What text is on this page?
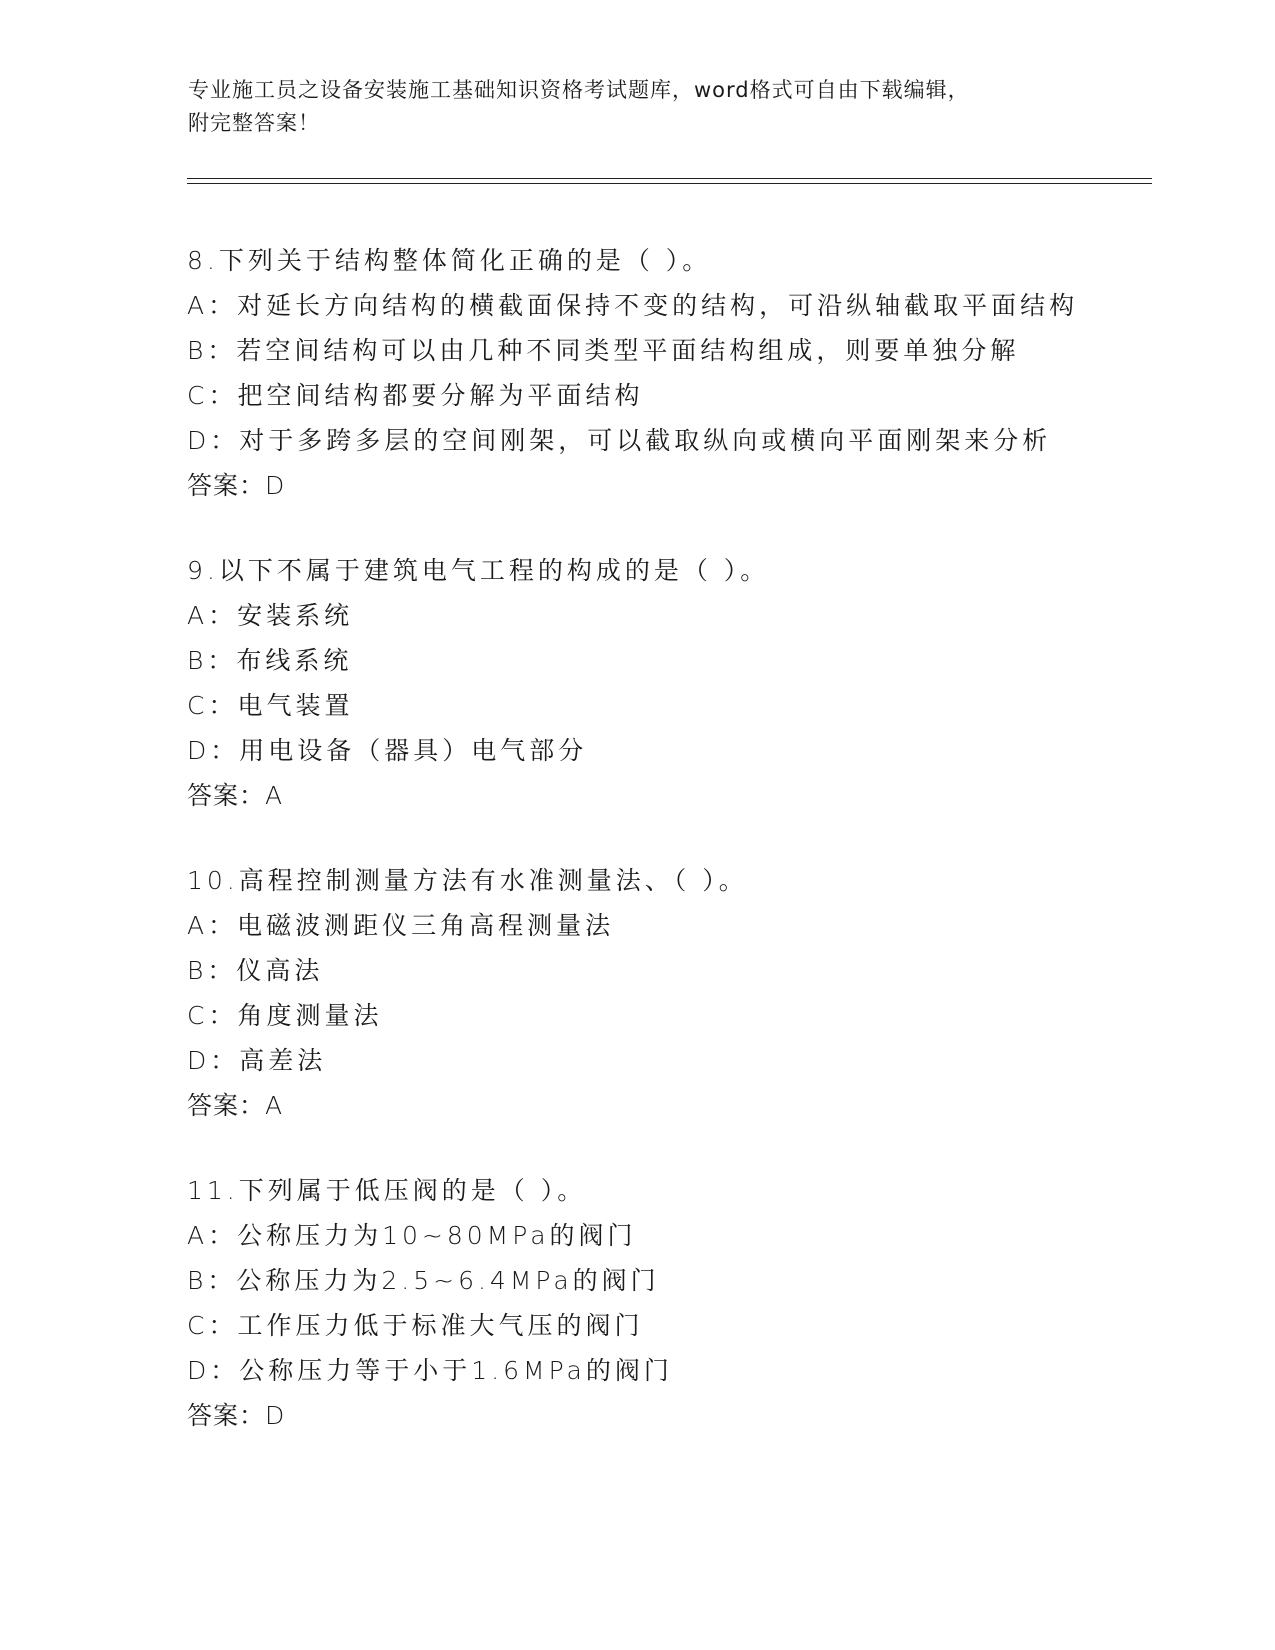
专业施工员之设备安装施工基础知识资格考试题库，word格式可自由下载编辑，
附完整答案！
8.下列关于结构整体简化正确的是（ ）。
A：对延长方向结构的横截面保持不变的结构，可沿纵轴截取平面结构
B：若空间结构可以由几种不同类型平面结构组成，则要单独分解
C：把空间结构都要分解为平面结构
D：对于多跨多层的空间刚架，可以截取纵向或横向平面刚架来分析
答案：D
9.以下不属于建筑电气工程的构成的是（ ）。
A：安装系统
B：布线系统
C：电气装置
D：用电设备（器具）电气部分
答案：A
10.高程控制测量方法有水准测量法、（ ）。
A：电磁波测距仪三角高程测量法
B：仪高法
C：角度测量法
D：高差法
答案：A
11.下列属于低压阀的是（ ）。
A：公称压力为10~80MPa的阀门
B：公称压力为2.5~6.4MPa的阀门
C：工作压力低于标准大气压的阀门
D：公称压力等于小于1.6MPa的阀门
答案：D
